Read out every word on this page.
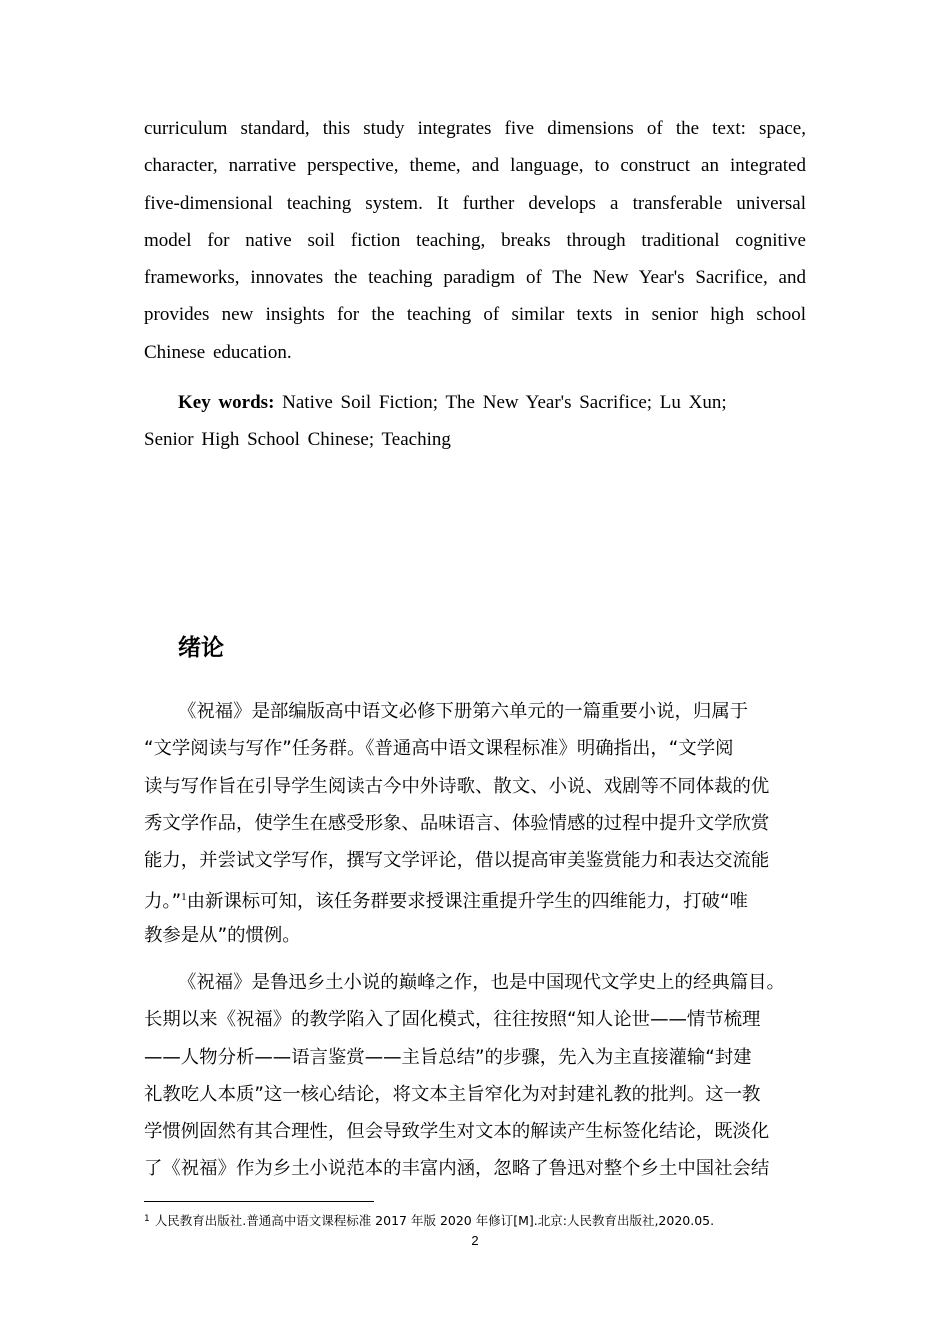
curriculum standard, this study integrates five dimensions of the text: space,
character, narrative perspective, theme, and language, to construct an integrated
five-dimensional teaching system. It further develops a transferable universal
model for native soil fiction teaching, breaks through traditional cognitive
frameworks, innovates the teaching paradigm of The New Year's Sacrifice, and
provides new insights for the teaching of similar texts in senior high school
Chinese education.
Key words: Native Soil Fiction; The New Year's Sacrifice; Lu Xun;
Senior High School Chinese; Teaching
绪论
《祝福》是部编版高中语文必修下册第六单元的一篇重要小说，归属于
“文学阅读与写作”任务群。《普通高中语文课程标准》明确指出，“文学阅
读与写作旨在引导学生阅读古今中外诗歌、散文、小说、戏剧等不同体裁的优
秀文学作品，使学生在感受形象、品味语言、体验情感的过程中提升文学欣赏
能力，并尝试文学写作，撰写文学评论，借以提高审美鉴赏能力和表达交流能
力。”$^1$由新课标可知，该任务群要求授课注重提升学生的四维能力，打破“唯
教参是从”的惯例。
《祝福》是鲁迅乡土小说的巅峰之作，也是中国现代文学史上的经典篇目。
长期以来《祝福》的教学陷入了固化模式，往往按照“知人论世——情节梳理
——人物分析——语言鉴赏——主旨总结”的步骤，先入为主直接灌输“封建
礼教吃人本质”这一核心结论，将文本主旨窄化为对封建礼教的批判。这一教
学惯例固然有其合理性，但会导致学生对文本的解读产生标签化结论，既淡化
了《祝福》作为乡土小说范本的丰富内涵，忽略了鲁迅对整个乡土中国社会结
$^1$ 人民教育出版社.普通高中语文课程标准 2017 年版 2020 年修订[M].北京:人民教育出版社,2020.05.
2
